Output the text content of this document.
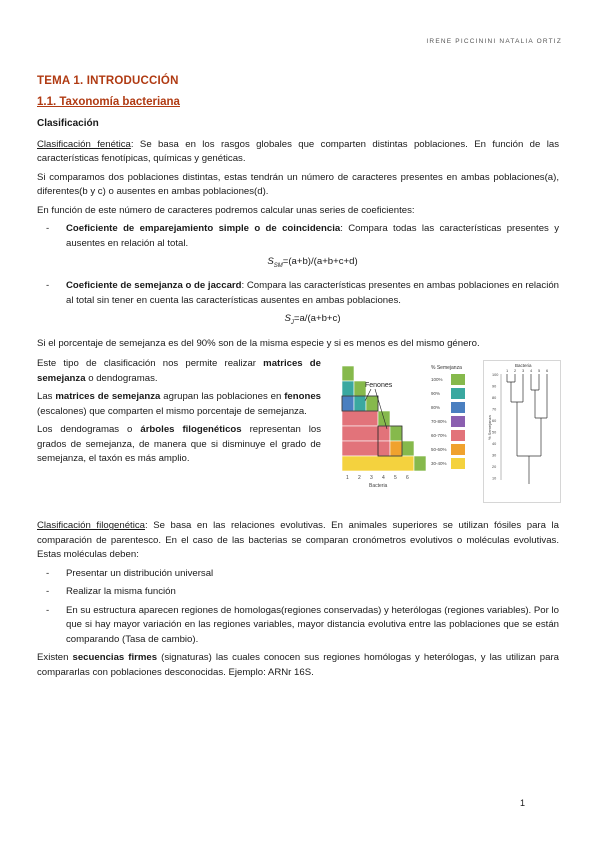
IRENE PICCININI NATALIA ORTIZ
TEMA 1. INTRODUCCIÓN
1.1. Taxonomía bacteriana
Clasificación

Clasificación fenética: Se basa en los rasgos globales que comparten distintas poblaciones. En función de las características fenotípicas, químicas y genéticas.

Si comparamos dos poblaciones distintas, estas tendrán un número de caracteres presentes en ambas poblaciones(a), diferentes(b y c) o ausentes en ambas poblaciones(d).

En función de este número de caracteres podremos calcular unas series de coeficientes:

- Coeficiente de emparejamiento simple o de coincidencia: Compara todas las características presentes y ausentes en relación al total.
$S_{SM}=(a+b)/(a+b+c+d)$
- Coeficiente de semejanza o de jaccard: Compara las características presentes en ambas poblaciones en relación al total sin tener en cuenta las características ausentes en ambas poblaciones.
$S_J=a/(a+b+c)$

Si el porcentaje de semejanza es del 90% son de la misma especie y si es menos es del mismo género.

Este tipo de clasificación nos permite realizar matrices de semejanza o dendogramas.

Las matrices de semejanza agrupan las poblaciones en fenones (escalones) que comparten el mismo porcentaje de semejanza.

Los dendogramas o árboles filogenéticos representan los grados de semejanza, de manera que si disminuye el grado de semejanza, el taxón es más amplio.

Fenones
1 2 3 4 5 6
Bacteria
% Semejanza
100%
90%
80%
70-80%
60-70%
50-60%
30-40%
Bacteria
1 2 3 4 5 6
100
90
80
70
60
50
40
30
20
10
% Semejanza

Clasificación filogenética: Se basa en las relaciones evolutivas. En animales superiores se utilizan fósiles para la comparación de parentesco. En el caso de las bacterias se comparan cronómetros evolutivos o moléculas evolutivas. Estas moléculas deben:

- Presentar un distribución universal
- Realizar la misma función
- En su estructura aparecen regiones de homologas(regiones conservadas) y heterólogas (regiones variables). Por lo que si hay mayor variación en las regiones variables, mayor distancia evolutiva entre las poblaciones que se están comparando (Tasa de cambio).

Existen secuencias firmes (signaturas) las cuales conocen sus regiones homólogas y heterólogas, y las utilizan para compararlas con poblaciones desconocidas. Ejemplo: ARNr 16S.

1
